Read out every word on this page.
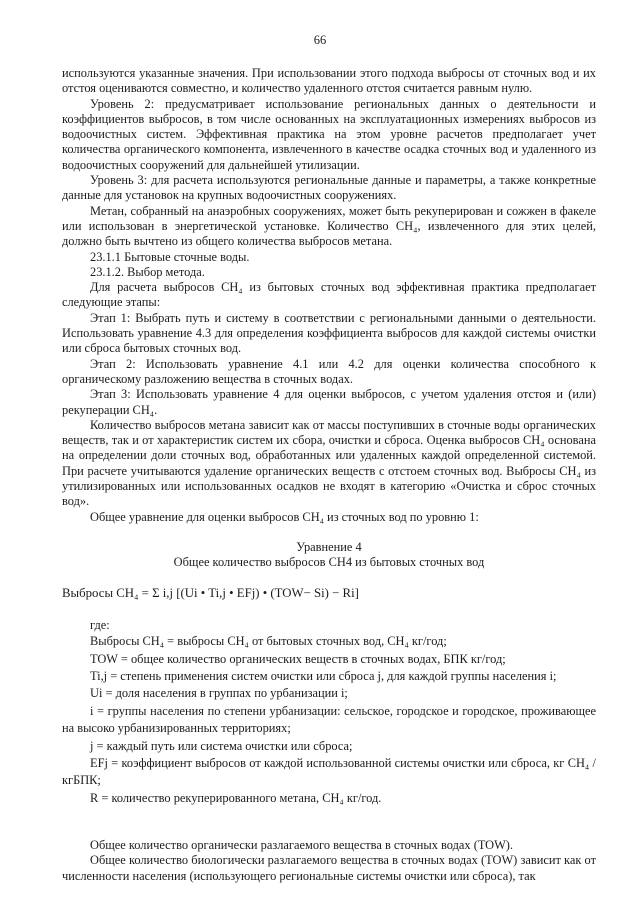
66

используются указанные значения. При использовании этого подхода выбросы от сточных вод и их отстоя оцениваются совместно, и количество удаленного отстоя считается равным нулю.

Уровень 2: предусматривает использование региональных данных о деятельности и коэффициентов выбросов, в том числе основанных на эксплуатационных измерениях выбросов из водоочистных систем. Эффективная практика на этом уровне расчетов предполагает учет количества органического компонента, извлеченного в качестве осадка сточных вод и удаленного из водоочистных сооружений для дальнейшей утилизации.

Уровень 3: для расчета используются региональные данные и параметры, а также конкретные данные для установок на крупных водоочистных сооружениях.

Метан, собранный на анаэробных сооружениях, может быть рекуперирован и сожжен в факеле или использован в энергетической установке. Количество CH₄, извлеченного для этих целей, должно быть вычтено из общего количества выбросов метана.

23.1.1 Бытовые сточные воды.

23.1.2. Выбор метода.

Для расчета выбросов CH₄ из бытовых сточных вод эффективная практика предполагает следующие этапы:

Этап 1: Выбрать путь и систему в соответствии с региональными данными о деятельности. Использовать уравнение 4.3 для определения коэффициента выбросов для каждой системы очистки или сброса бытовых сточных вод.

Этап 2: Использовать уравнение 4.1 или 4.2 для оценки количества способного к органическому разложению вещества в сточных водах.

Этап 3: Использовать уравнение 4 для оценки выбросов, с учетом удаления отстоя и (или) рекуперации CH₄.

Количество выбросов метана зависит как от массы поступивших в сточные воды органических веществ, так и от характеристик систем их сбора, очистки и сброса. Оценка выбросов CH₄ основана на определении доли сточных вод, обработанных или удаленных каждой определенной системой. При расчете учитываются удаление органических веществ с отстоем сточных вод. Выбросы CH₄ из утилизированных или использованных осадков не входят в категорию «Очистка и сброс сточных вод».

Общее уравнение для оценки выбросов CH₄ из сточных вод по уровню 1:

Уравнение 4

Общее количество выбросов CH4 из бытовых сточных вод

Выбросы CH₄ = Σ i,j [(Ui • Ti,j • EFj) • (TOW− Si) − Ri]

где:

Выбросы CH₄ = выбросы CH₄ от бытовых сточных вод, CH₄ кг/год;

TOW = общее количество органических веществ в сточных водах, БПК кг/год;

Ti,j = степень применения систем очистки или сброса j, для каждой группы населения i;

Ui = доля населения в группах по урбанизации i;

i = группы населения по степени урбанизации: сельское, городское и городское, проживающее на высоко урбанизированных территориях;

j = каждый путь или система очистки или сброса;

EFj = коэффициент выбросов от каждой использованной системы очистки или сброса, кг CH₄ /кгБПК;

R = количество рекуперированного метана, CH₄ кг/год.

Общее количество органически разлагаемого вещества в сточных водах (TOW).

Общее количество биологически разлагаемого вещества в сточных водах (TOW) зависит как от численности населения (использующего региональные системы очистки или сброса), так
